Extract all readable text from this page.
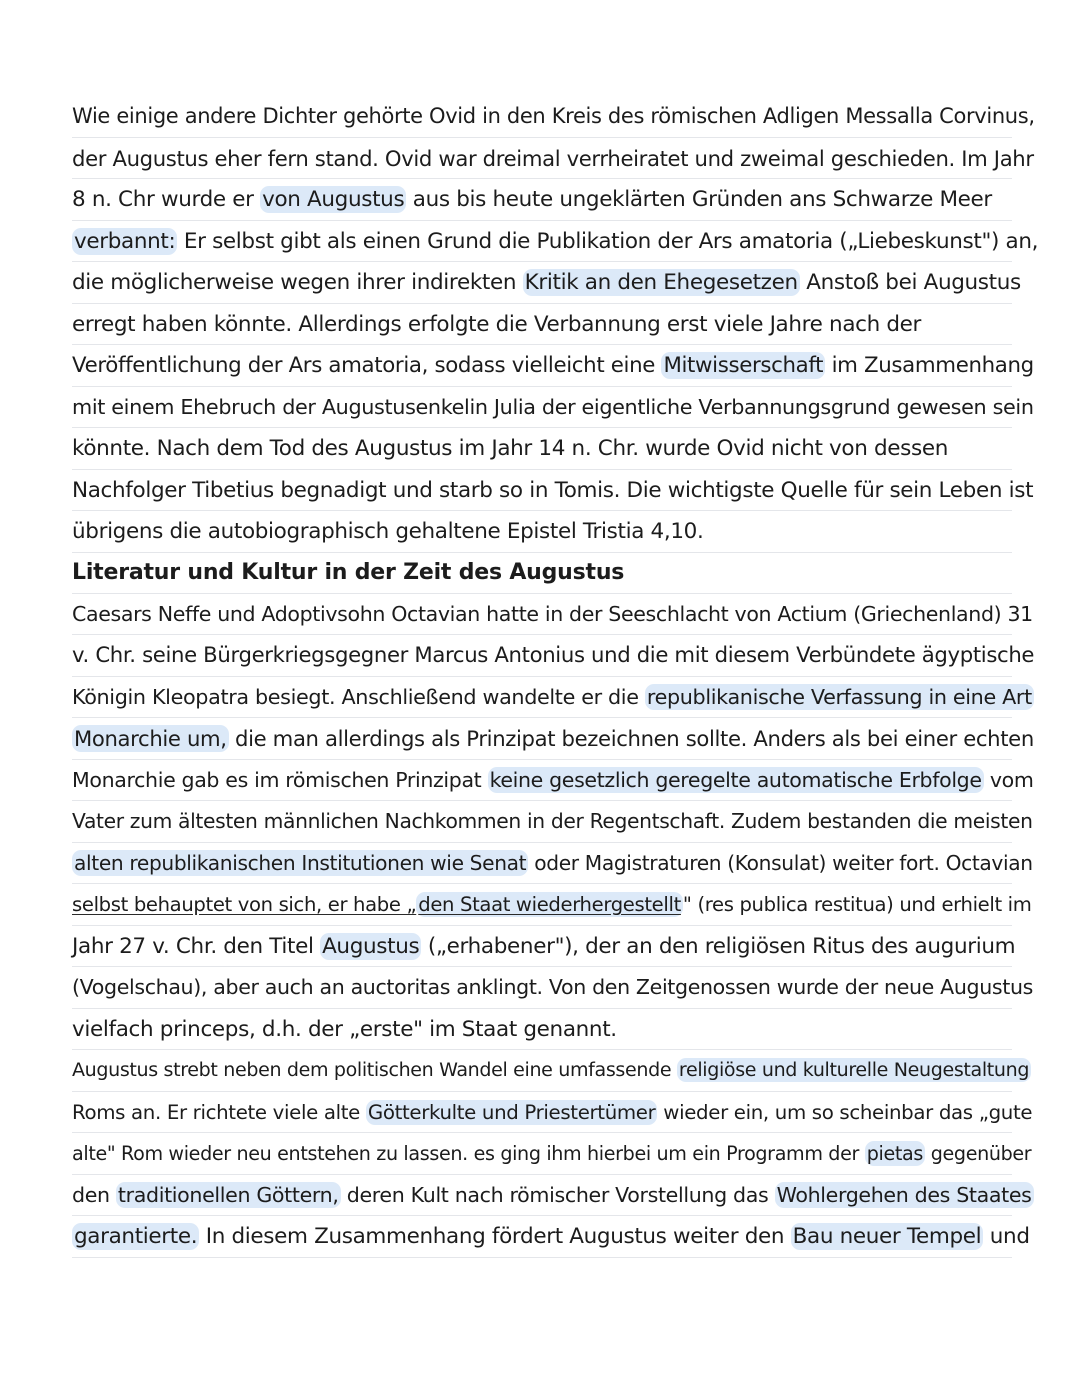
Wie einige andere Dichter gehörte Ovid in den Kreis des römischen Adligen Messalla Corvinus,
der Augustus eher fern stand. Ovid war dreimal verrheiratet und zweimal geschieden. Im Jahr
8 n. Chr wurde er von Augustus aus bis heute ungeklärten Gründen ans Schwarze Meer
verbannt: Er selbst gibt als einen Grund die Publikation der Ars amatoria („Liebeskunst") an,
die möglicherweise wegen ihrer indirekten Kritik an den Ehegesetzen Anstoß bei Augustus
erregt haben könnte. Allerdings erfolgte die Verbannung erst viele Jahre nach der
Veröffentlichung der Ars amatoria, sodass vielleicht eine Mitwisserschaft im Zusammenhang
mit einem Ehebruch der Augustusenkelin Julia der eigentliche Verbannungsgrund gewesen sein
könnte. Nach dem Tod des Augustus im Jahr 14 n. Chr. wurde Ovid nicht von dessen
Nachfolger Tibetius begnadigt und starb so in Tomis. Die wichtigste Quelle für sein Leben ist
übrigens die autobiographisch gehaltene Epistel Tristia 4,10.
Literatur und Kultur in der Zeit des Augustus
Caesars Neffe und Adoptivsohn Octavian hatte in der Seeschlacht von Actium (Griechenland) 31
v. Chr. seine Bürgerkriegsgegner Marcus Antonius und die mit diesem Verbündete ägyptische
Königin Kleopatra besiegt. Anschließend wandelte er die republikanische Verfassung in eine Art
Monarchie um, die man allerdings als Prinzipat bezeichnen sollte. Anders als bei einer echten
Monarchie gab es im römischen Prinzipat keine gesetzlich geregelte automatische Erbfolge vom
Vater zum ältesten männlichen Nachkommen in der Regentschaft. Zudem bestanden die meisten
alten republikanischen Institutionen wie Senat oder Magistraturen (Konsulat) weiter fort. Octavian
selbst behauptet von sich, er habe „ den Staat wiederhergestellt " (res publica restitua) und erhielt im
Jahr 27 v. Chr. den Titel Augustus („erhabener"), der an den religiösen Ritus des augurium
(Vogelschau), aber auch an auctoritas anklingt. Von den Zeitgenossen wurde der neue Augustus
vielfach princeps, d.h. der „erste" im Staat genannt.
Augustus strebt neben dem politischen Wandel eine umfassende religiöse und kulturelle Neugestaltung
Roms an. Er richtete viele alte Götterkulte und Priestertümer wieder ein, um so scheinbar das „gute
alte" Rom wieder neu entstehen zu lassen. es ging ihm hierbei um ein Programm der pietas gegenüber
den traditionellen Göttern, deren Kult nach römischer Vorstellung das Wohlergehen des Staates
garantierte. In diesem Zusammenhang fördert Augustus weiter den Bau neuer Tempel und
